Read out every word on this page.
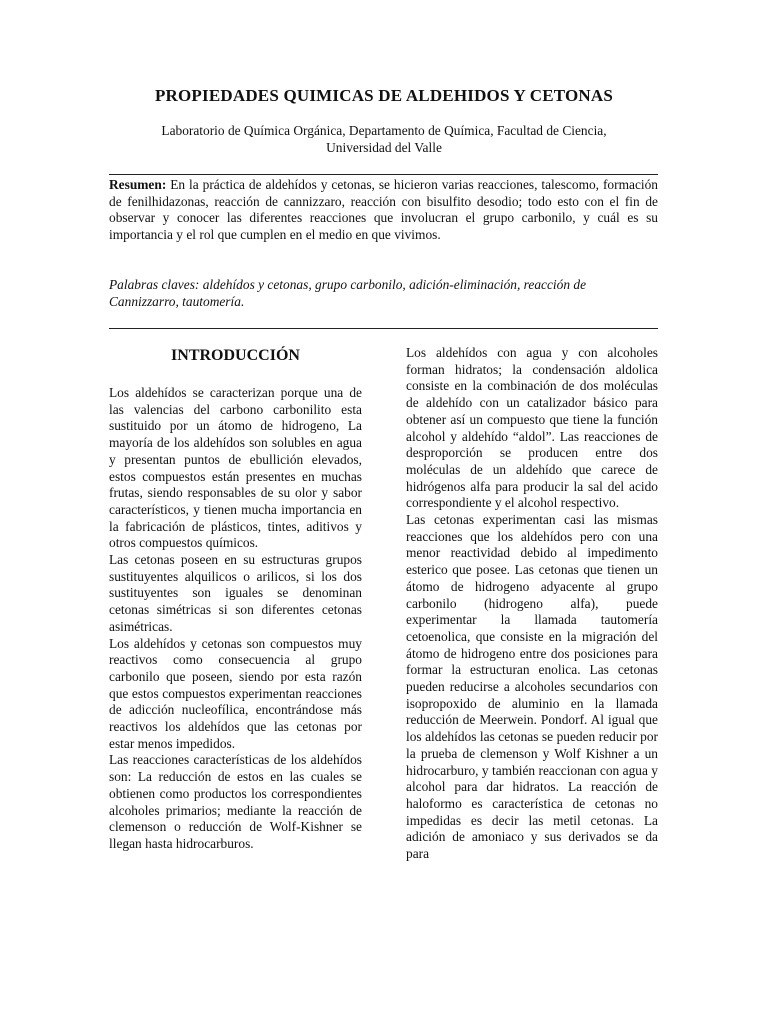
PROPIEDADES QUIMICAS DE ALDEHIDOS Y CETONAS
Laboratorio de Química Orgánica, Departamento de Química, Facultad de Ciencia,
Universidad del Valle
Resumen: En la práctica de aldehídos y cetonas, se hicieron varias reacciones, talescomo, formación de fenilhidazonas, reacción de cannizzaro, reacción con bisulfito desodio; todo esto con el fin de observar y conocer las diferentes reacciones que involucran el grupo carbonilo, y cuál es su importancia y el rol que cumplen en el medio en que vivimos.
Palabras claves: aldehídos y cetonas, grupo carbonilo, adición-eliminación, reacción de Cannizzarro, tautomería.
INTRODUCCIÓN

Los aldehídos se caracterizan porque una de las valencias del carbono carbonilito esta sustituido por un átomo de hidrogeno, La mayoría de los aldehídos son solubles en agua y presentan puntos de ebullición elevados, estos compuestos están presentes en muchas frutas, siendo responsables de su olor y sabor característicos, y tienen mucha importancia en la fabricación de plásticos, tintes, aditivos y otros compuestos químicos.

Las cetonas poseen en su estructuras grupos sustituyentes alquilicos o arilicos, si los dos sustituyentes son iguales se denominan cetonas simétricas si son diferentes cetonas asimétricas.

Los aldehídos y cetonas son compuestos muy reactivos como consecuencia al grupo carbonilo que poseen, siendo por esta razón que estos compuestos experimentan reacciones de adicción nucleofílica, encontrándose más reactivos los aldehídos que las cetonas por estar menos impedidos.

Las reacciones características de los aldehídos son: La reducción de estos en las cuales se obtienen como productos los correspondientes alcoholes primarios; mediante la reacción de clemenson o reducción de Wolf-Kishner se llegan hasta hidrocarburos.

Los aldehídos con agua y con alcoholes forman hidratos; la condensación aldolica consiste en la combinación de dos moléculas de aldehído con un catalizador básico para obtener así un compuesto que tiene la función alcohol y aldehído “aldol”. Las reacciones de desproporción se producen entre dos moléculas de un aldehído que carece de hidrógenos alfa para producir la sal del acido correspondiente y el alcohol respectivo.

Las cetonas experimentan casi las mismas reacciones que los aldehídos pero con una menor reactividad debido al impedimento esterico que posee. Las cetonas que tienen un átomo de hidrogeno adyacente al grupo carbonilo (hidrogeno alfa), puede experimentar la llamada tautomería cetoenolica, que consiste en la migración del átomo de hidrogeno entre dos posiciones para formar la estructuran enolica. Las cetonas pueden reducirse a alcoholes secundarios con isopropoxido de aluminio en la llamada reducción de Meerwein. Pondorf. Al igual que los aldehídos las cetonas se pueden reducir por la prueba de clemenson y Wolf Kishner a un hidrocarburo, y también reaccionan con agua y alcohol para dar hidratos. La reacción de haloformo es característica de cetonas no impedidas es decir las metil cetonas. La adición de amoniaco y sus derivados se da para
